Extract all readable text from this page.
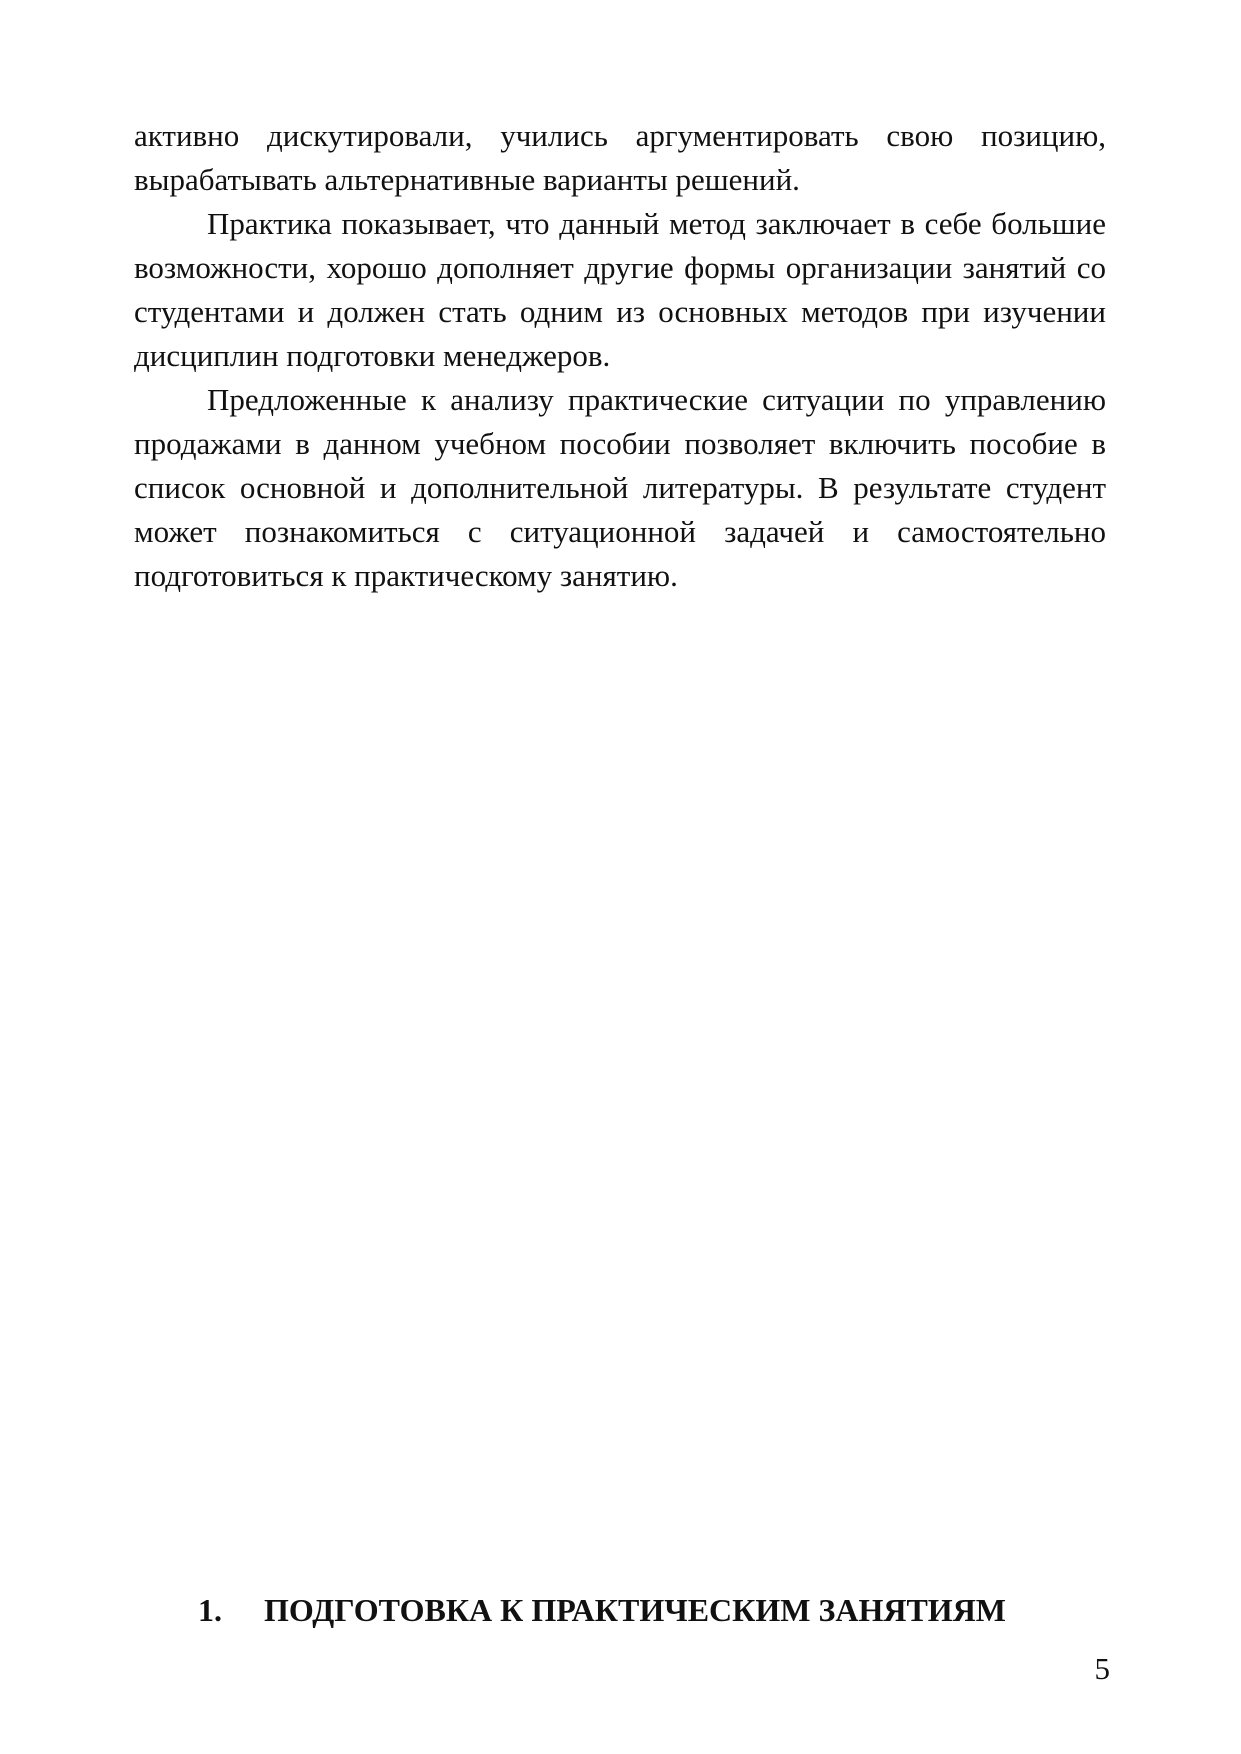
активно дискутировали, учились аргументировать свою позицию, вырабатывать альтернативные варианты решений.

Практика показывает, что данный метод заключает в себе большие возможности, хорошо дополняет другие формы организации занятий со студентами и должен стать одним из основных методов при изучении дисциплин подготовки менеджеров.

Предложенные к анализу практические ситуации по управлению продажами в данном учебном пособии позволяет включить пособие в список основной и дополнительной литературы. В результате студент может познакомиться с ситуационной задачей и самостоятельно подготовиться к практическому занятию.

1. ПОДГОТОВКА К ПРАКТИЧЕСКИМ ЗАНЯТИЯМ
5
